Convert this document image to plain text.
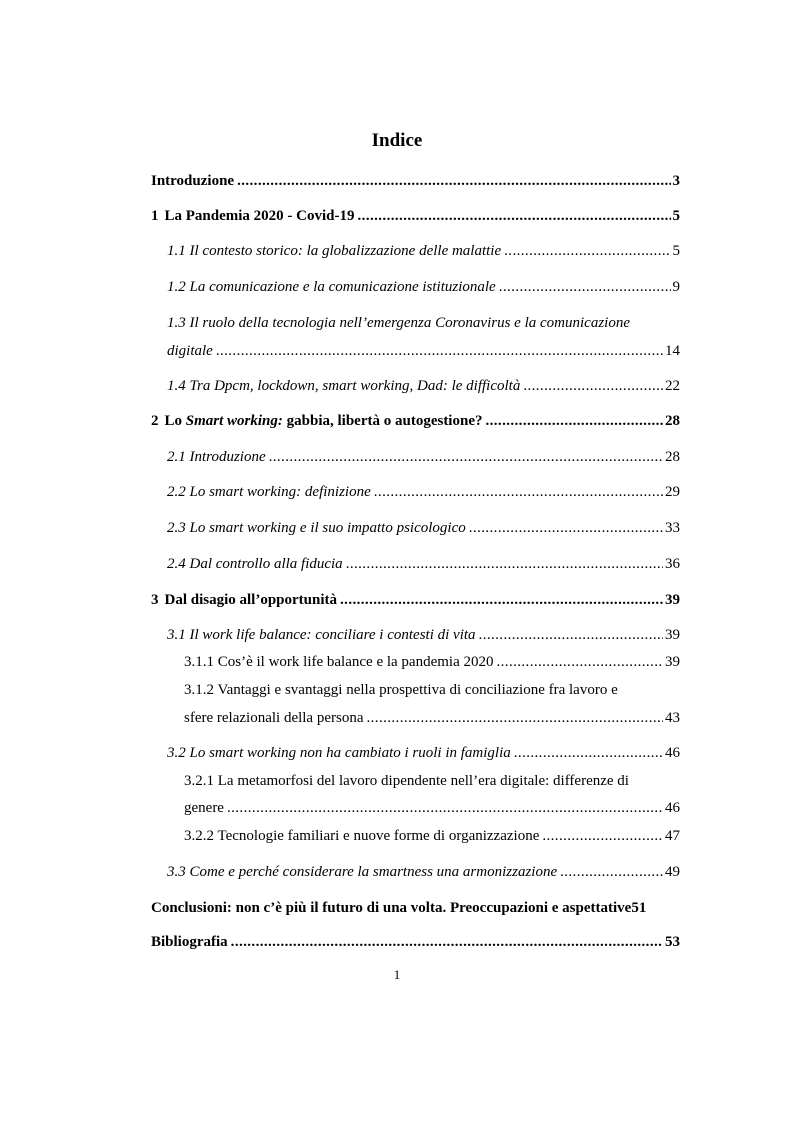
Indice
Introduzione .....	3
1 La Pandemia 2020 - Covid-19 .....	5
1.1 Il contesto storico: la globalizzazione delle malattie .....	5
1.2 La comunicazione e la comunicazione istituzionale .....	9
1.3 Il ruolo della tecnologia nell’emergenza Coronavirus e la comunicazione
digitale .....	14
1.4 Tra Dpcm, lockdown, smart working, Dad: le difficoltà .....	22
2 Lo Smart working: gabbia, libertà o autogestione? .....	28
2.1 Introduzione .....	28
2.2 Lo smart working: definizione .....	29
2.3 Lo smart working e il suo impatto psicologico .....	33
2.4 Dal controllo alla fiducia .....	36
3 Dal disagio all’opportunità .....	39
3.1 Il work life balance: conciliare i contesti di vita .....	39
3.1.1 Cos’è il work life balance e la pandemia 2020 .....	39
3.1.2 Vantaggi e svantaggi nella prospettiva di conciliazione fra lavoro e
sfere relazionali della persona .....	43
3.2 Lo smart working non ha cambiato i ruoli in famiglia .....	46
3.2.1 La metamorfosi del lavoro dipendente nell’era digitale: differenze di
genere .....	46
3.2.2 Tecnologie familiari e nuove forme di organizzazione .....	47
3.3 Come e perché considerare la smartness una armonizzazione .....	49
Conclusioni: non c’è più il futuro di una volta. Preoccupazioni e aspettative 51
Bibliografia .....	53
1
